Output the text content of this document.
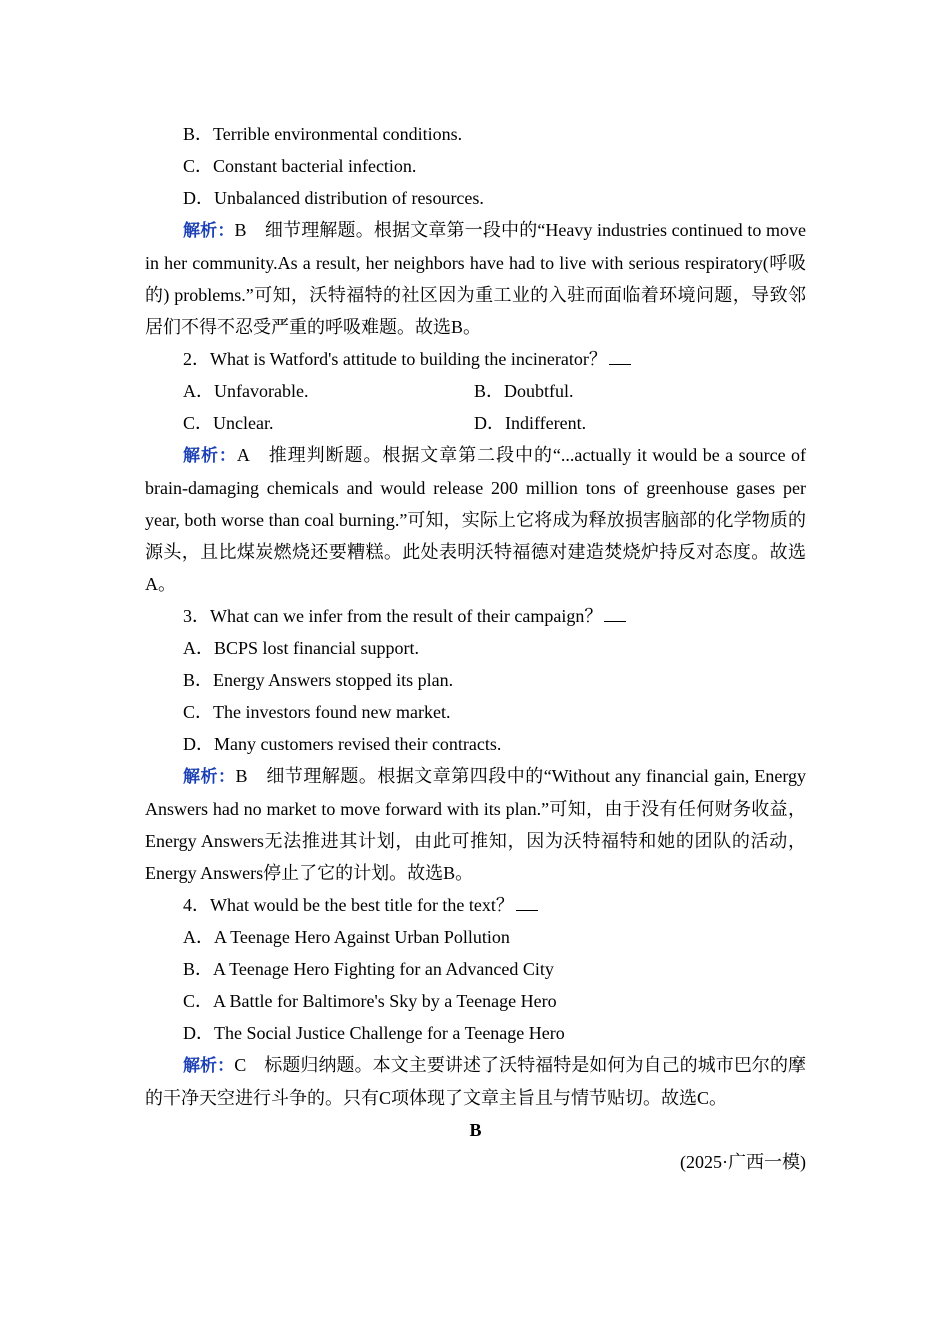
B．Terrible environmental conditions.

C．Constant bacterial infection.

D．Unbalanced distribution of resources.

解析：B　细节理解题。根据文章第一段中的“Heavy industries continued to move in her community.As a result, her neighbors have had to live with serious respiratory(呼吸的) problems.”可知，沃特福特的社区因为重工业的入驻而面临着环境问题，导致邻居们不得不忍受严重的呼吸难题。故选B。

2．What is Watford's attitude to building the incinerator？

A．Unfavorable.	B．Doubtful.
C．Unclear.	D．Indifferent.

解析：A　推理判断题。根据文章第二段中的“...actually it would be a source of brain-damaging chemicals and would release 200 million tons of greenhouse gases per year, both worse than coal burning.”可知，实际上它将成为释放损害脑部的化学物质的源头，且比煤炭燃烧还要糟糕。此处表明沃特福德对建造焚烧炉持反对态度。故选A。

3．What can we infer from the result of their campaign？

A．BCPS lost financial support.

B．Energy Answers stopped its plan.

C．The investors found new market.

D．Many customers revised their contracts.

解析：B　细节理解题。根据文章第四段中的“Without any financial gain, Energy Answers had no market to move forward with its plan.”可知，由于没有任何财务收益，Energy Answers无法推进其计划，由此可推知，因为沃特福特和她的团队的活动，Energy Answers停止了它的计划。故选B。

4．What would be the best title for the text？

A．A Teenage Hero Against Urban Pollution

B．A Teenage Hero Fighting for an Advanced City

C．A Battle for Baltimore's Sky by a Teenage Hero

D．The Social Justice Challenge for a Teenage Hero

解析：C　标题归纳题。本文主要讲述了沃特福特是如何为自己的城市巴尔的摩的干净天空进行斗争的。只有C项体现了文章主旨且与情节贴切。故选C。

B

(2025·广西一模)
